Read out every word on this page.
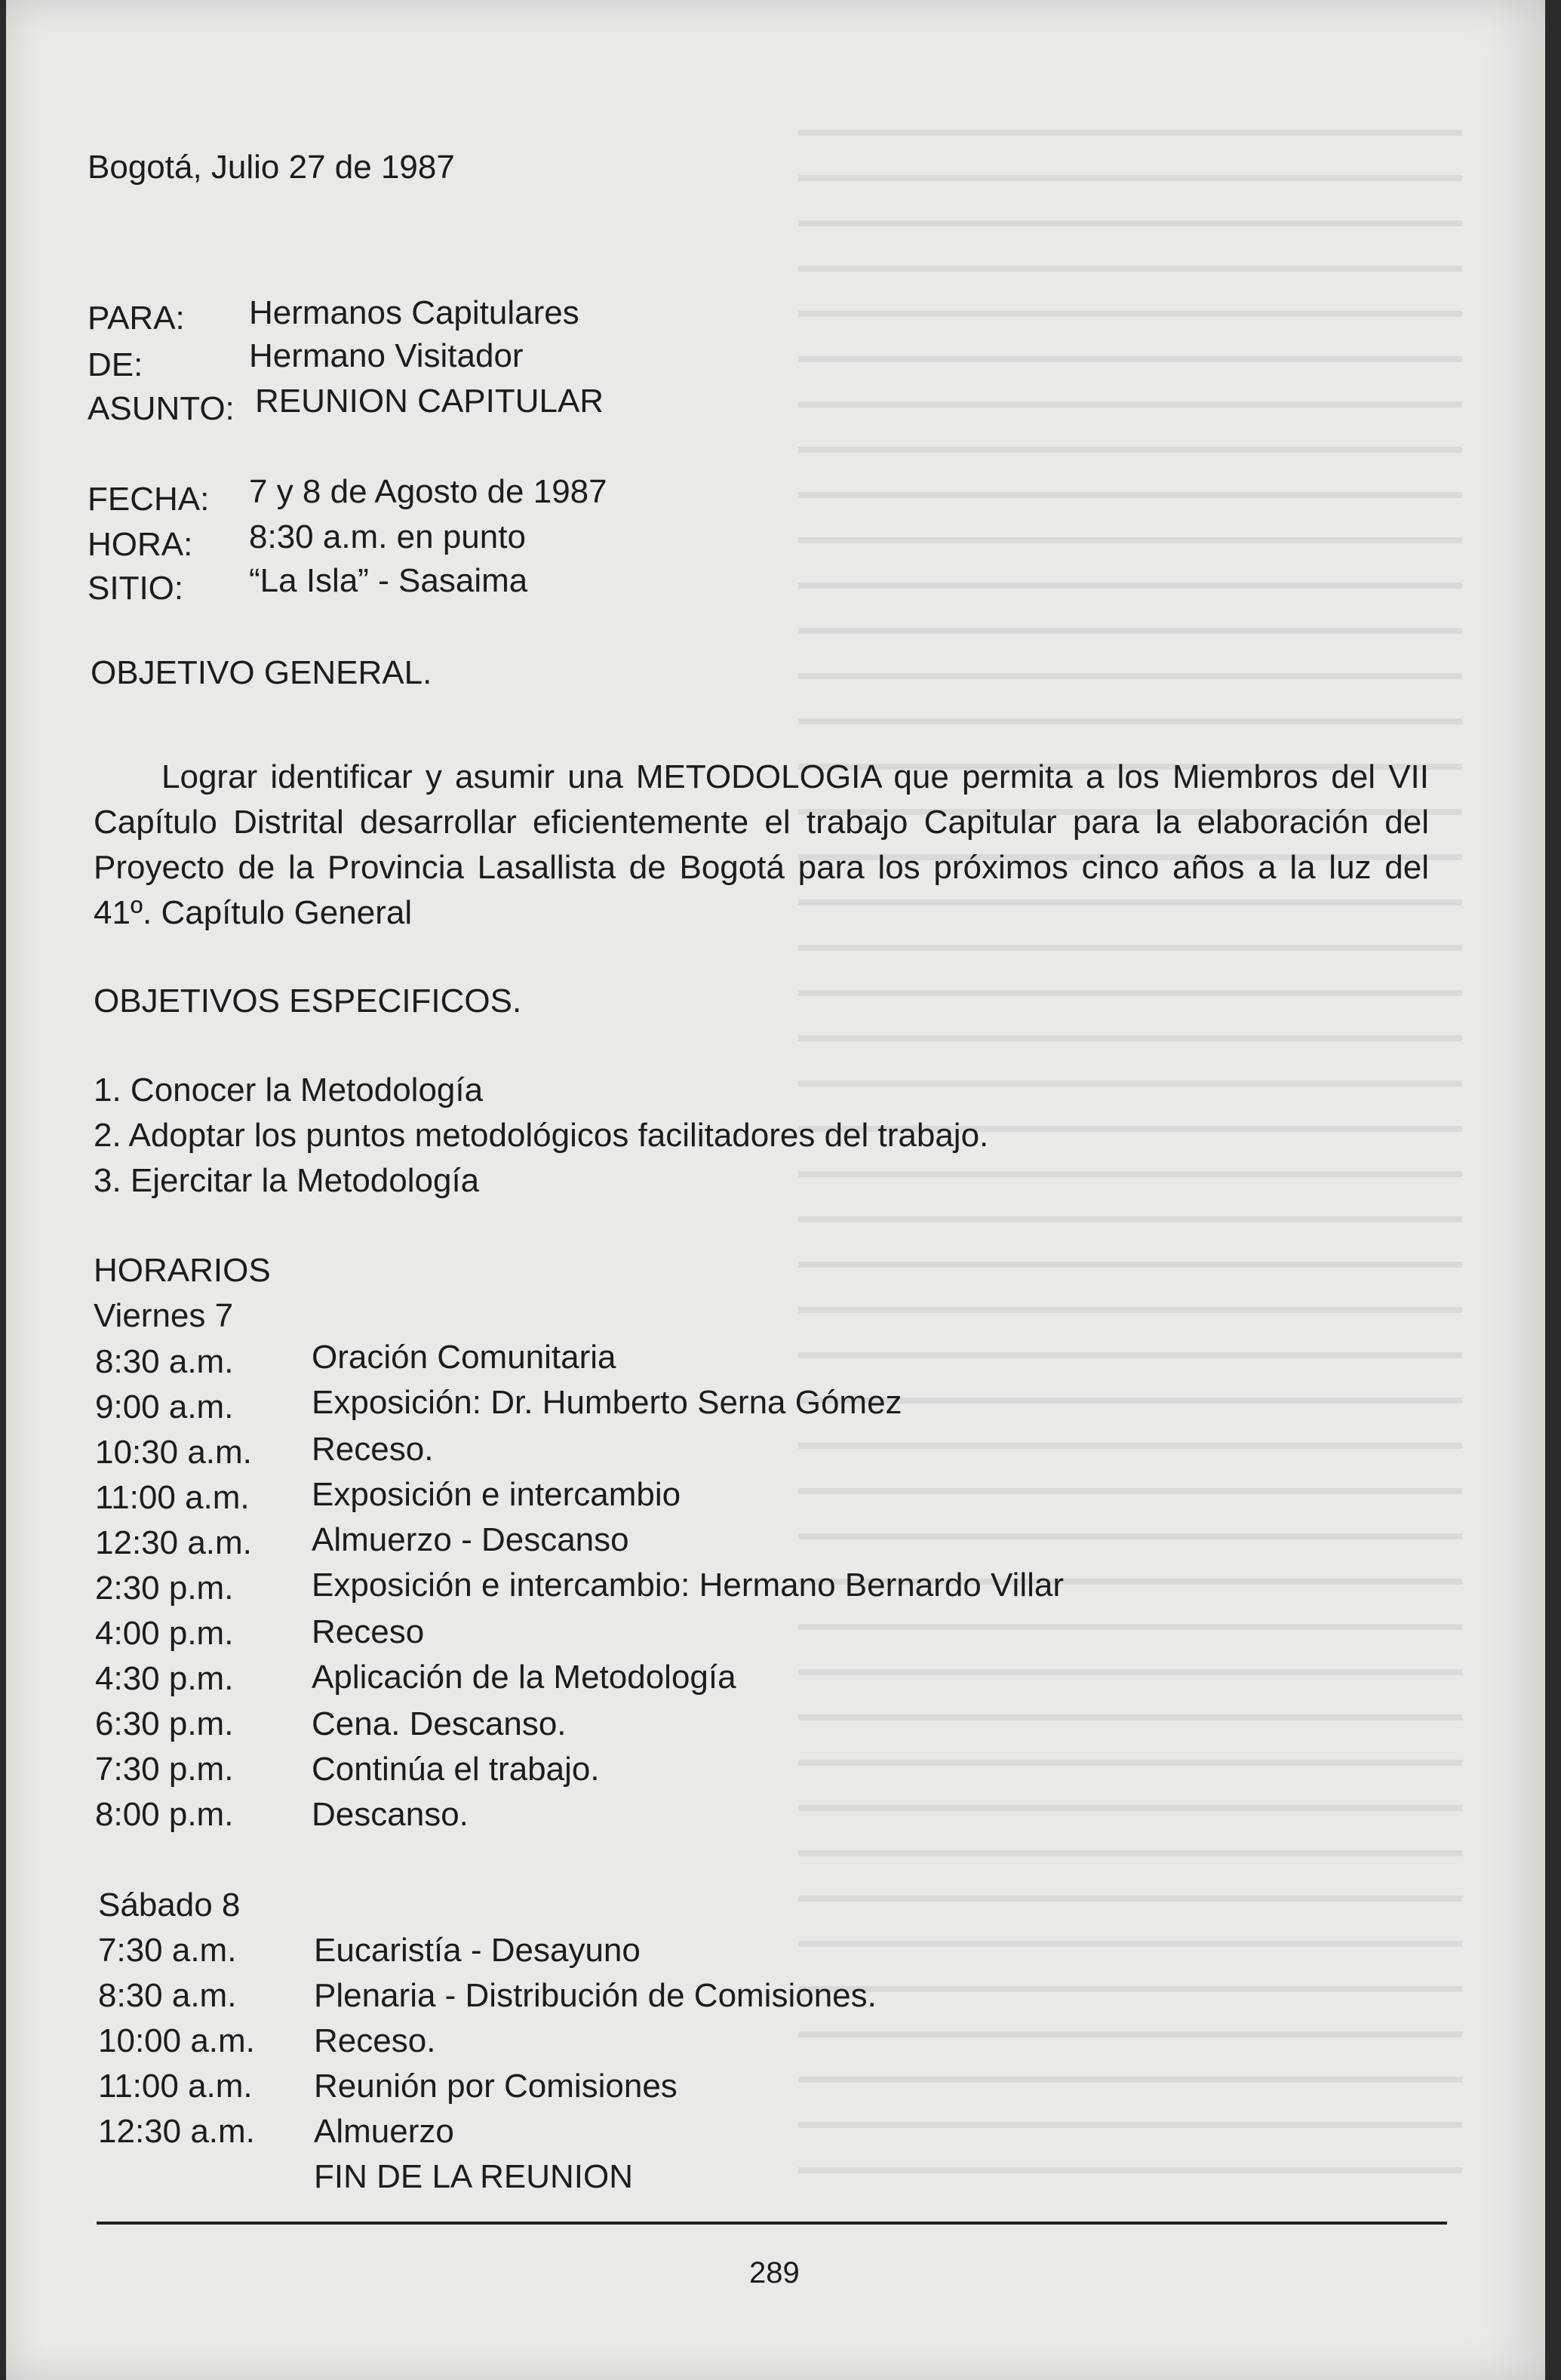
Bogotá, Julio 27 de 1987
PARA: Hermanos Capitulares
DE:	Hermano Visitador
ASUNTO: REUNION CAPITULAR
FECHA: 7 y 8 de Agosto de 1987
HORA: 8:30 a.m. en punto
SITIO: “La Isla” - Sasaima
OBJETIVO GENERAL.
Lograr identificar y asumir una METODOLOGIA que permita a los Miembros del VII Capítulo Distrital desarrollar eficientemente el trabajo Capitular para la elaboración del Proyecto de la Provincia Lasallista de Bogotá para los próximos cinco años a la luz del 41º. Capítulo General
OBJETIVOS ESPECIFICOS.
1. Conocer la Metodología
2. Adoptar los puntos metodológicos facilitadores del trabajo.
3. Ejercitar la Metodología
HORARIOS
Viernes 7
8:30 a.m. Oración Comunitaria
9:00 a.m. Exposición: Dr. Humberto Serna Gómez
10:30 a.m. Receso.
11:00 a.m. Exposición e intercambio
12:30 a.m. Almuerzo - Descanso
2:30 p.m. Exposición e intercambio: Hermano Bernardo Villar
4:00 p.m. Receso
4:30 p.m. Aplicación de la Metodología
6:30 p.m. Cena. Descanso.
7:30 p.m. Continúa el trabajo.
8:00 p.m. Descanso.
Sábado 8
7:30 a.m. Eucaristía - Desayuno
8:30 a.m. Plenaria - Distribución de Comisiones.
10:00 a.m. Receso.
11:00 a.m. Reunión por Comisiones
12:30 a.m. Almuerzo
FIN DE LA REUNION
289
